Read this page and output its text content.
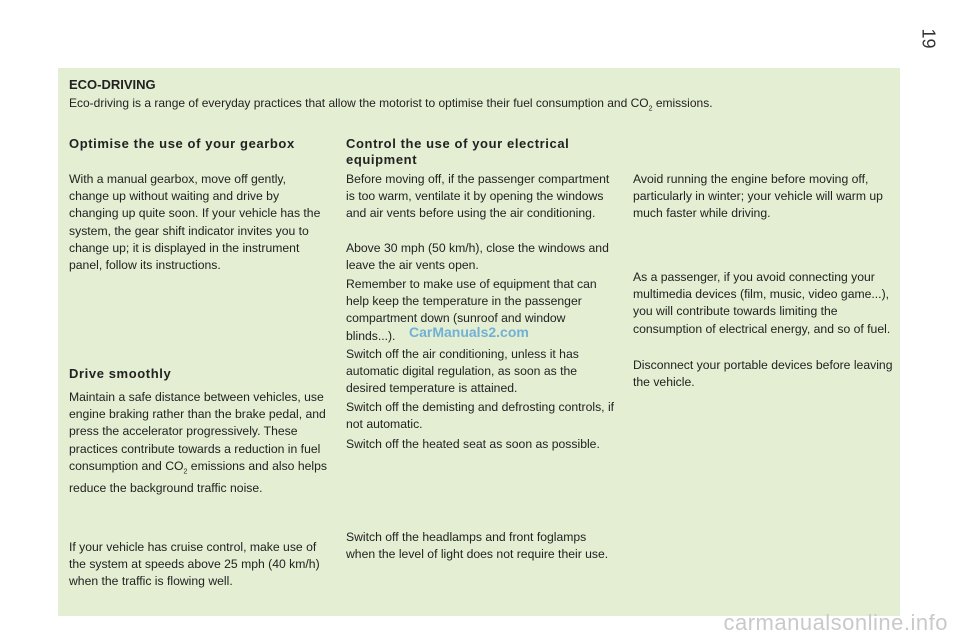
19
ECO-DRIVING
Eco-driving is a range of everyday practices that allow the motorist to optimise their fuel consumption and $CO_2$ emissions.
Optimise the use of your gearbox
With a manual gearbox, move off gently, change up without waiting and drive by changing up quite soon. If your vehicle has the system, the gear shift indicator invites you to change up; it is displayed in the instrument panel, follow its instructions.
Drive smoothly
Maintain a safe distance between vehicles, use engine braking rather than the brake pedal, and press the accelerator progressively. These practices contribute towards a reduction in fuel consumption and $CO_2$ emissions and also helps reduce the background traffic noise.
If your vehicle has cruise control, make use of the system at speeds above 25 mph (40 km/h) when the traffic is flowing well.
Control the use of your electrical equipment
Before moving off, if the passenger compartment is too warm, ventilate it by opening the windows and air vents before using the air conditioning.
Above 30 mph (50 km/h), close the windows and leave the air vents open.
Remember to make use of equipment that can help keep the temperature in the passenger compartment down (sunroof and window blinds...).
Switch off the air conditioning, unless it has automatic digital regulation, as soon as the desired temperature is attained.
Switch off the demisting and defrosting controls, if not automatic.
Switch off the heated seat as soon as possible.
Switch off the headlamps and front foglamps when the level of light does not require their use.
Avoid running the engine before moving off, particularly in winter; your vehicle will warm up much faster while driving.
As a passenger, if you avoid connecting your multimedia devices (film, music, video game...), you will contribute towards limiting the consumption of electrical energy, and so of fuel.
Disconnect your portable devices before leaving the vehicle.
CarManuals2.com
carmanualsonline.info
